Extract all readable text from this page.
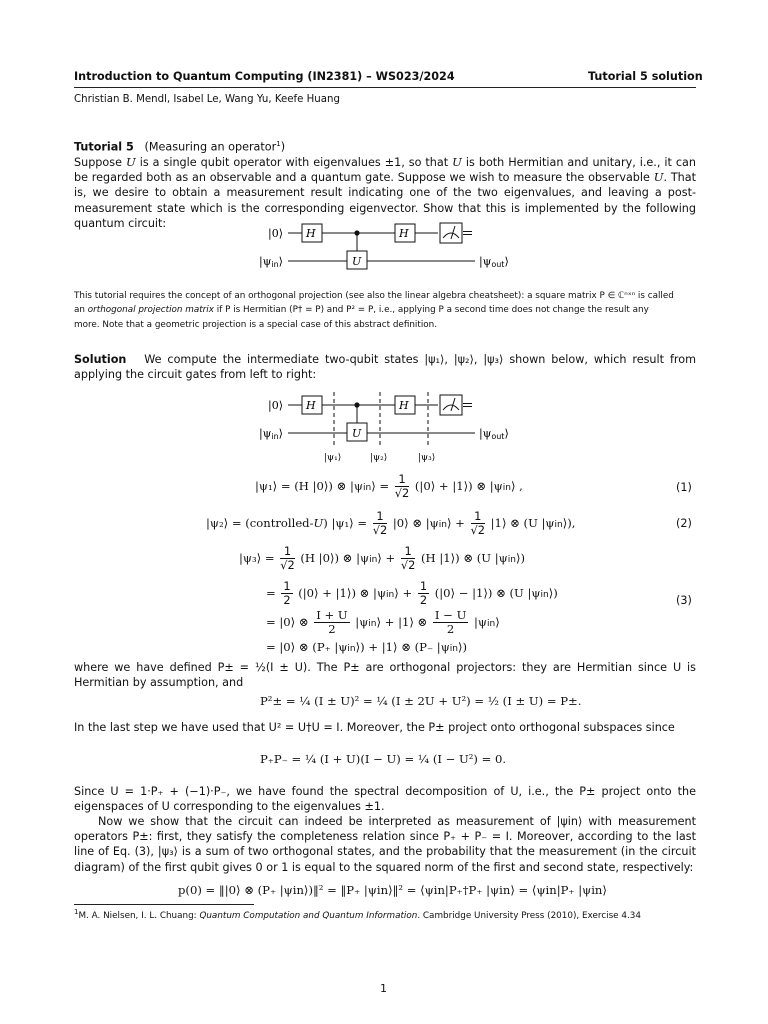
Introduction to Quantum Computing (IN2381) – WS023/2024	Tutorial 5 solution
Christian B. Mendl, Isabel Le, Wang Yu, Keefe Huang
Tutorial 5 (Measuring an operator$^1$)
Suppose U is a single qubit operator with eigenvalues ±1, so that U is both Hermitian and unitary, i.e., it can be regarded both as an observable and a quantum gate. Suppose we wish to measure the observable U. That is, we desire to obtain a measurement result indicating one of the two eigenvalues, and leaving a post-measurement state which is the corresponding eigenvector. Show that this is implemented by the following quantum circuit:
|0⟩
|ψin⟩
H	H
U	|ψout⟩
This tutorial requires the concept of an orthogonal projection (see also the linear algebra cheatsheet): a square matrix P ∈ ℂⁿˣⁿ is called
an orthogonal projection matrix if P is Hermitian (P† = P) and P² = P, i.e., applying P a second time does not change the result any
more. Note that a geometric projection is a special case of this abstract definition.
Solution We compute the intermediate two-qubit states |ψ₁⟩, |ψ₂⟩, |ψ₃⟩ shown below, which result from applying the circuit gates from left to right:
|0⟩
|ψin⟩
H	H
U	|ψout⟩
|ψ₁⟩	|ψ₂⟩	|ψ₃⟩
|ψ₁⟩ = (H |0⟩) ⊗ |ψin⟩ = $\frac{1}{√2}$ (|0⟩ + |1⟩) ⊗ |ψin⟩ ,	(1)
|ψ₂⟩ = (controlled-U) |ψ₁⟩ = $\frac{1}{√2}$ |0⟩ ⊗ |ψin⟩ + $\frac{1}{√2}$ |1⟩ ⊗ (U |ψin⟩),	(2)
|ψ₃⟩ = $\frac{1}{√2} (H$ |0⟩) ⊗ |ψin⟩ + $\frac{1}{√2} (H$ |1⟩) ⊗ (U |ψin⟩)
= $\frac{1}{2}$ (|0⟩ + |1⟩) ⊗ |ψin⟩ + $\frac{1}{2}$ (|0⟩ − |1⟩) ⊗ (U |ψin⟩)
= |0⟩ ⊗ $\frac{I + U}{2}$ |ψin⟩ + |1⟩ ⊗ $\frac{I - U}{2}$ |ψin⟩
= |0⟩ ⊗ (P₊ |ψin⟩) + |1⟩ ⊗ (P₋ |ψin⟩)
(3)
where we have defined P± = ½(I ± U). The P± are orthogonal projectors: they are Hermitian since U is Hermitian by assumption, and
P²± = ¼ (I ± U)² = ¼ (I ± 2U + U²) = ½ (I ± U) = P±.
In the last step we have used that U² = U†U = I. Moreover, the P± project onto orthogonal subspaces since
P₊P₋ = ¼ (I + U)(I − U) = ¼ (I − U²) = 0.
Since U = 1·P₊ + (−1)·P₋, we have found the spectral decomposition of U, i.e., the P± project onto the eigenspaces of U corresponding to the eigenvalues ±1.
Now we show that the circuit can indeed be interpreted as measurement of |ψin⟩ with measurement operators P±: first, they satisfy the completeness relation since P₊ + P₋ = I. Moreover, according to the last line of Eq. (3), |ψ₃⟩ is a sum of two orthogonal states, and the probability that the measurement (in the circuit diagram) of the first qubit gives 0 or 1 is equal to the squared norm of the first and second state, respectively:
p(0) = ‖|0⟩ ⊗ (P₊ |ψin⟩)‖² = ‖P₊ |ψin⟩‖² = ⟨ψin|P₊†P₊ |ψin⟩ = ⟨ψin|P₊ |ψin⟩
$^1$M. A. Nielsen, I. L. Chuang: Quantum Computation and Quantum Information. Cambridge University Press (2010), Exercise 4.34
1
